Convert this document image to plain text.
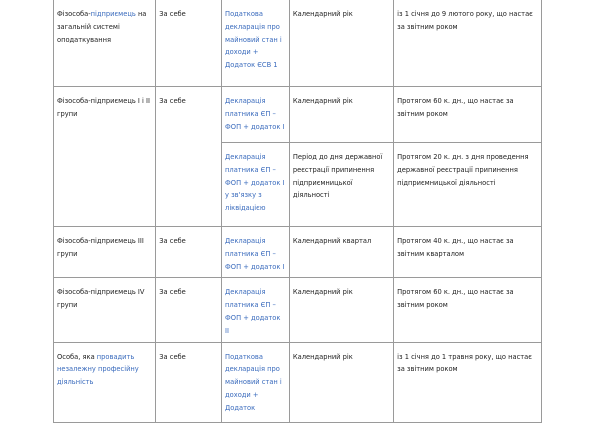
Фізособа-підприємець на загальній системі оподаткування	За себе	Податкова декларація про майновий стан і доходи + Додаток ЄСВ 1	Календарний рік	із 1 січня до 9 лютого року, що настає за звітним роком
Фізособа-підприємець I і II групи	За себе	Декларація платника ЄП – ФОП + додаток I	Календарний рік	Протягом 60 к. дн., що настає за звітним роком
		Декларація платника ЄП – ФОП + додаток I у зв'язку з ліквідацією	Період до дня державної реєстрації припинення підприємницької діяльності	Протягом 20 к. дн. з дня проведення державної реєстрації припинення підприємницької діяльності
Фізособа-підприємець III групи	За себе	Декларація платника ЄП – ФОП + додаток I	Календарний квартал	Протягом 40 к. дн., що настає за звітним кварталом
Фізособа-підприємець IV групи	За себе	Декларація платника ЄП – ФОП + додаток II	Календарний рік	Протягом 60 к. дн., що настає за звітним роком
Особа, яка провадить незалежну професійну діяльність	За себе	Податкова декларація про майновий стан і доходи + Додаток	Календарний рік	із 1 січня до 1 травня року, що настає за звітним роком
